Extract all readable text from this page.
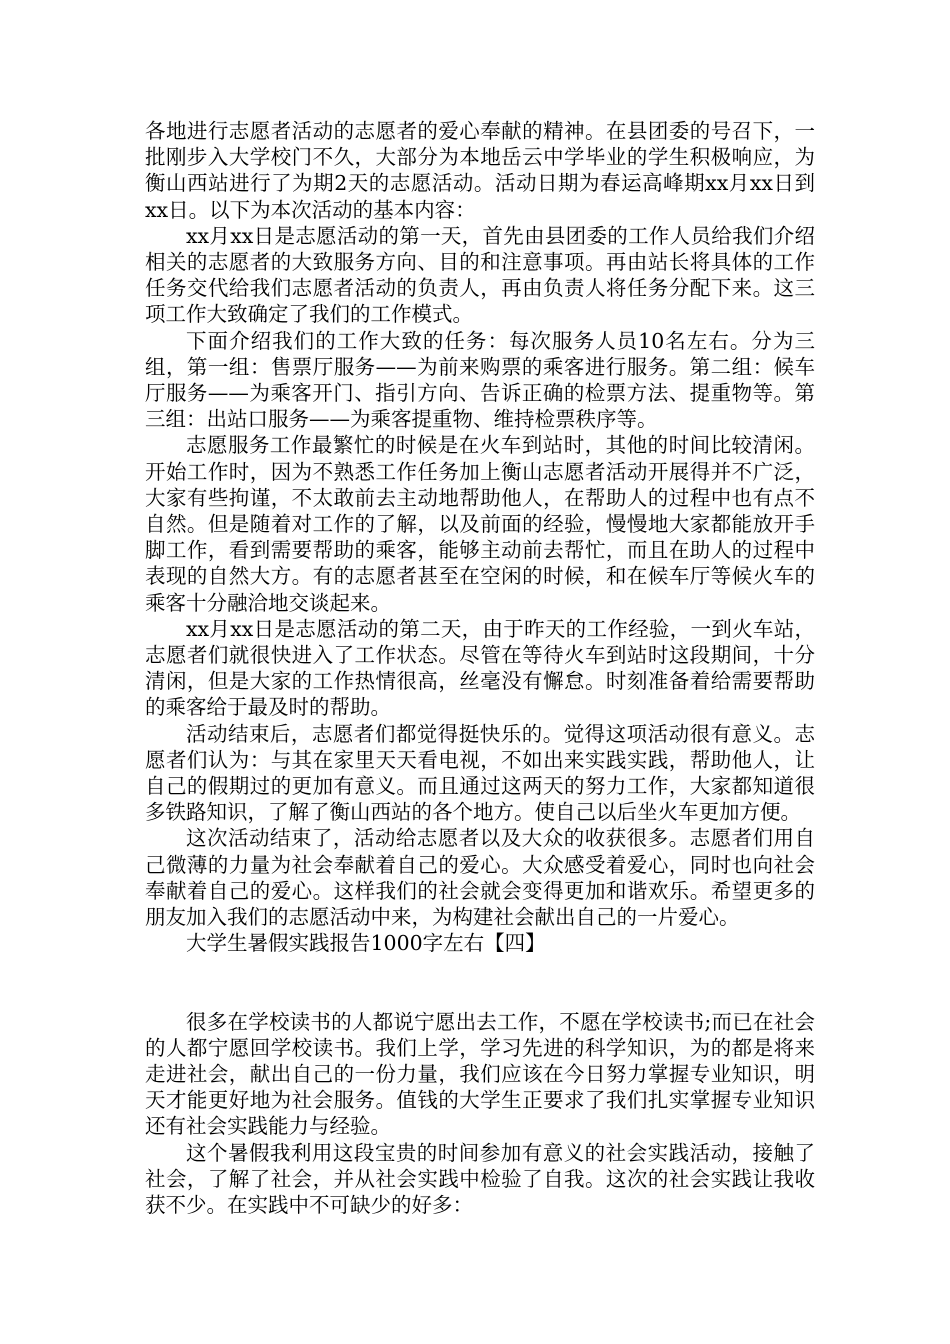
各地进行志愿者活动的志愿者的爱心奉献的精神。在县团委的号召下，一批刚步入大学校门不久，大部分为本地岳云中学毕业的学生积极响应，为衡山西站进行了为期2天的志愿活动。活动日期为春运高峰期xx月xx日到xx日。以下为本次活动的基本内容：

xx月xx日是志愿活动的第一天，首先由县团委的工作人员给我们介绍相关的志愿者的大致服务方向、目的和注意事项。再由站长将具体的工作任务交代给我们志愿者活动的负责人，再由负责人将任务分配下来。这三项工作大致确定了我们的工作模式。

下面介绍我们的工作大致的任务：每次服务人员10名左右。分为三组，第一组：售票厅服务——为前来购票的乘客进行服务。第二组：候车厅服务——为乘客开门、指引方向、告诉正确的检票方法、提重物等。第三组：出站口服务——为乘客提重物、维持检票秩序等。

志愿服务工作最繁忙的时候是在火车到站时，其他的时间比较清闲。开始工作时，因为不熟悉工作任务加上衡山志愿者活动开展得并不广泛，大家有些拘谨，不太敢前去主动地帮助他人，在帮助人的过程中也有点不自然。但是随着对工作的了解，以及前面的经验，慢慢地大家都能放开手脚工作，看到需要帮助的乘客，能够主动前去帮忙，而且在助人的过程中表现的自然大方。有的志愿者甚至在空闲的时候，和在候车厅等候火车的乘客十分融洽地交谈起来。

xx月xx日是志愿活动的第二天，由于昨天的工作经验，一到火车站，志愿者们就很快进入了工作状态。尽管在等待火车到站时这段期间，十分清闲，但是大家的工作热情很高，丝毫没有懈怠。时刻准备着给需要帮助的乘客给于最及时的帮助。

活动结束后，志愿者们都觉得挺快乐的。觉得这项活动很有意义。志愿者们认为：与其在家里天天看电视，不如出来实践实践，帮助他人，让自己的假期过的更加有意义。而且通过这两天的努力工作，大家都知道很多铁路知识，了解了衡山西站的各个地方。使自己以后坐火车更加方便。

这次活动结束了，活动给志愿者以及大众的收获很多。志愿者们用自己微薄的力量为社会奉献着自己的爱心。大众感受着爱心，同时也向社会奉献着自己的爱心。这样我们的社会就会变得更加和谐欢乐。希望更多的朋友加入我们的志愿活动中来，为构建社会献出自己的一片爱心。

大学生暑假实践报告1000字左右【四】

很多在学校读书的人都说宁愿出去工作，不愿在学校读书;而已在社会的人都宁愿回学校读书。我们上学，学习先进的科学知识，为的都是将来走进社会，献出自己的一份力量，我们应该在今日努力掌握专业知识，明天才能更好地为社会服务。值钱的大学生正要求了我们扎实掌握专业知识还有社会实践能力与经验。

这个暑假我利用这段宝贵的时间参加有意义的社会实践活动，接触了社会，了解了社会，并从社会实践中检验了自我。这次的社会实践让我收获不少。在实践中不可缺少的好多：
